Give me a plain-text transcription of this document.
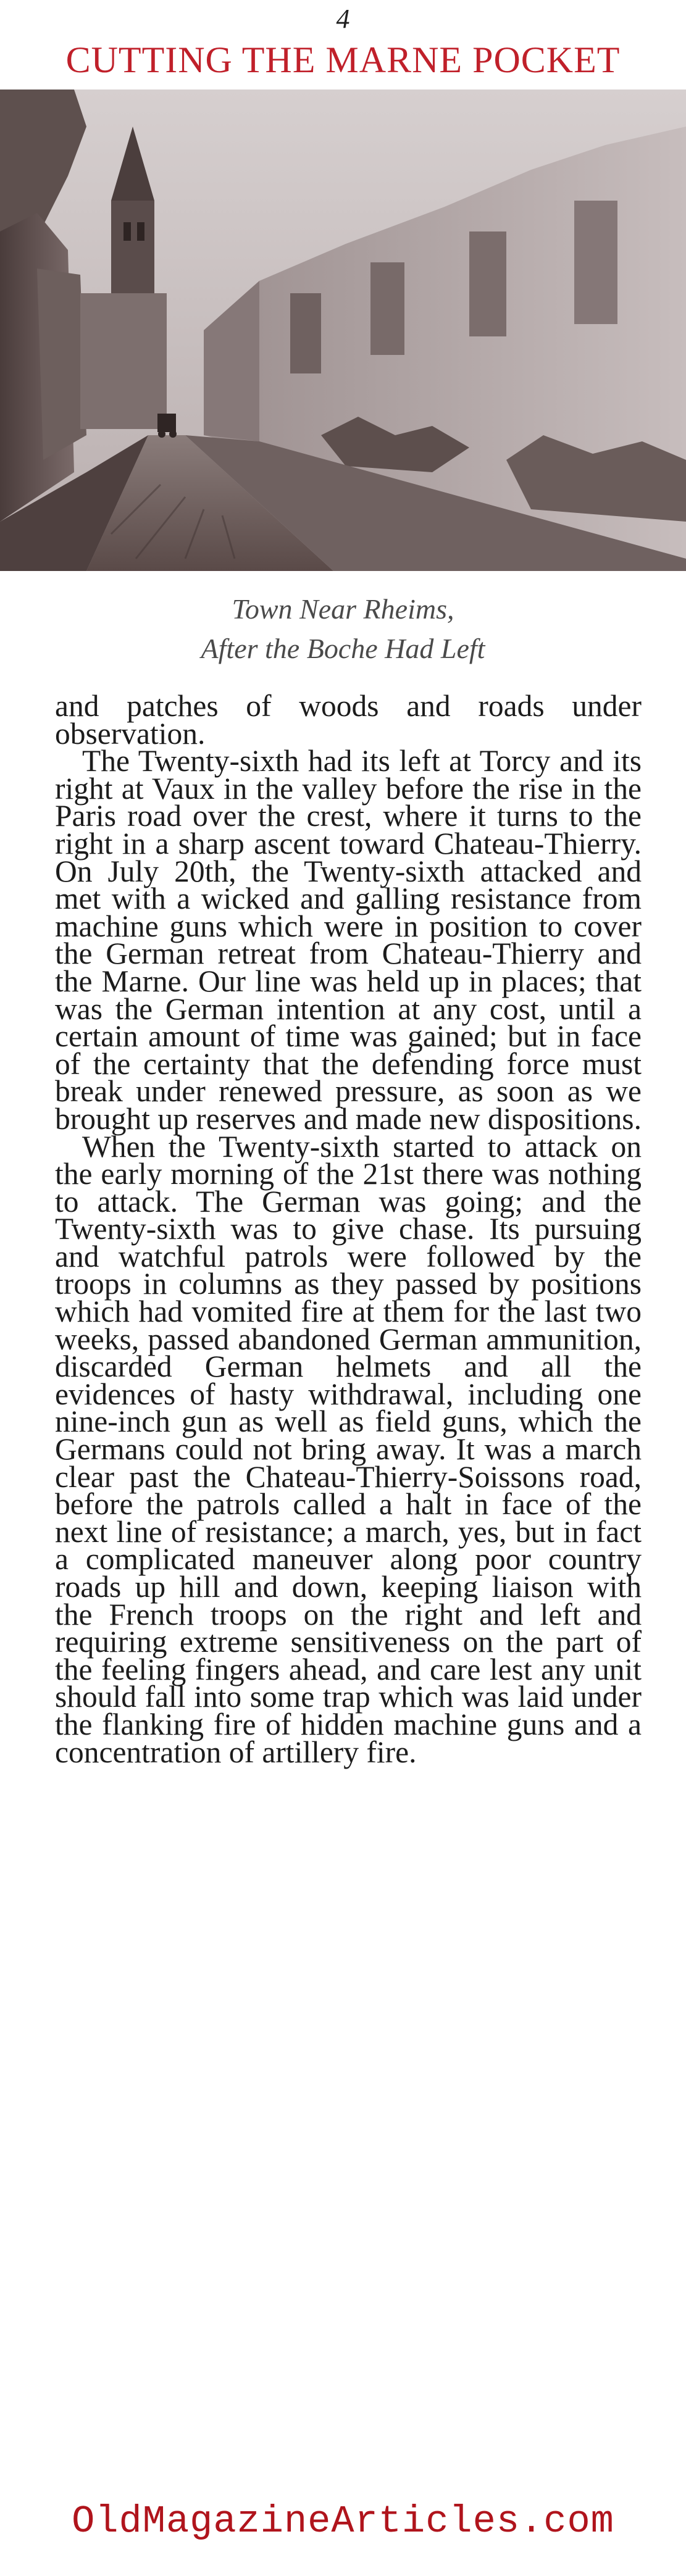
4
CUTTING THE MARNE POCKET
Town Near Rheims,
After the Boche Had Left

and patches of woods and roads under observation.

The Twenty-sixth had its left at Torcy and its right at Vaux in the valley before the rise in the Paris road over the crest, where it turns to the right in a sharp ascent toward Chateau-Thierry. On July 20th, the Twenty-sixth attacked and met with a wicked and galling resistance from machine guns which were in position to cover the German retreat from Chateau-Thierry and the Marne. Our line was held up in places; that was the German intention at any cost, until a certain amount of time was gained; but in face of the certainty that the defending force must break under renewed pressure, as soon as we brought up reserves and made new dispositions.

When the Twenty-sixth started to attack on the early morning of the 21st there was nothing to attack. The German was going; and the Twenty-sixth was to give chase. Its pursuing and watchful patrols were followed by the troops in columns as they passed by positions which had vomited fire at them for the last two weeks, passed abandoned German ammunition, discarded German helmets and all the evidences of hasty withdrawal, including one nine-inch gun as well as field guns, which the Germans could not bring away. It was a march clear past the Chateau-Thierry-Soissons road, before the patrols called a halt in face of the next line of resistance; a march, yes, but in fact a complicated maneuver along poor country roads up hill and down, keeping liaison with the French troops on the right and left and requiring extreme sensitiveness on the part of the feeling fingers ahead, and care lest any unit should fall into some trap which was laid under the flanking fire of hidden machine guns and a concentration of artillery fire.

OldMagazineArticles.com
